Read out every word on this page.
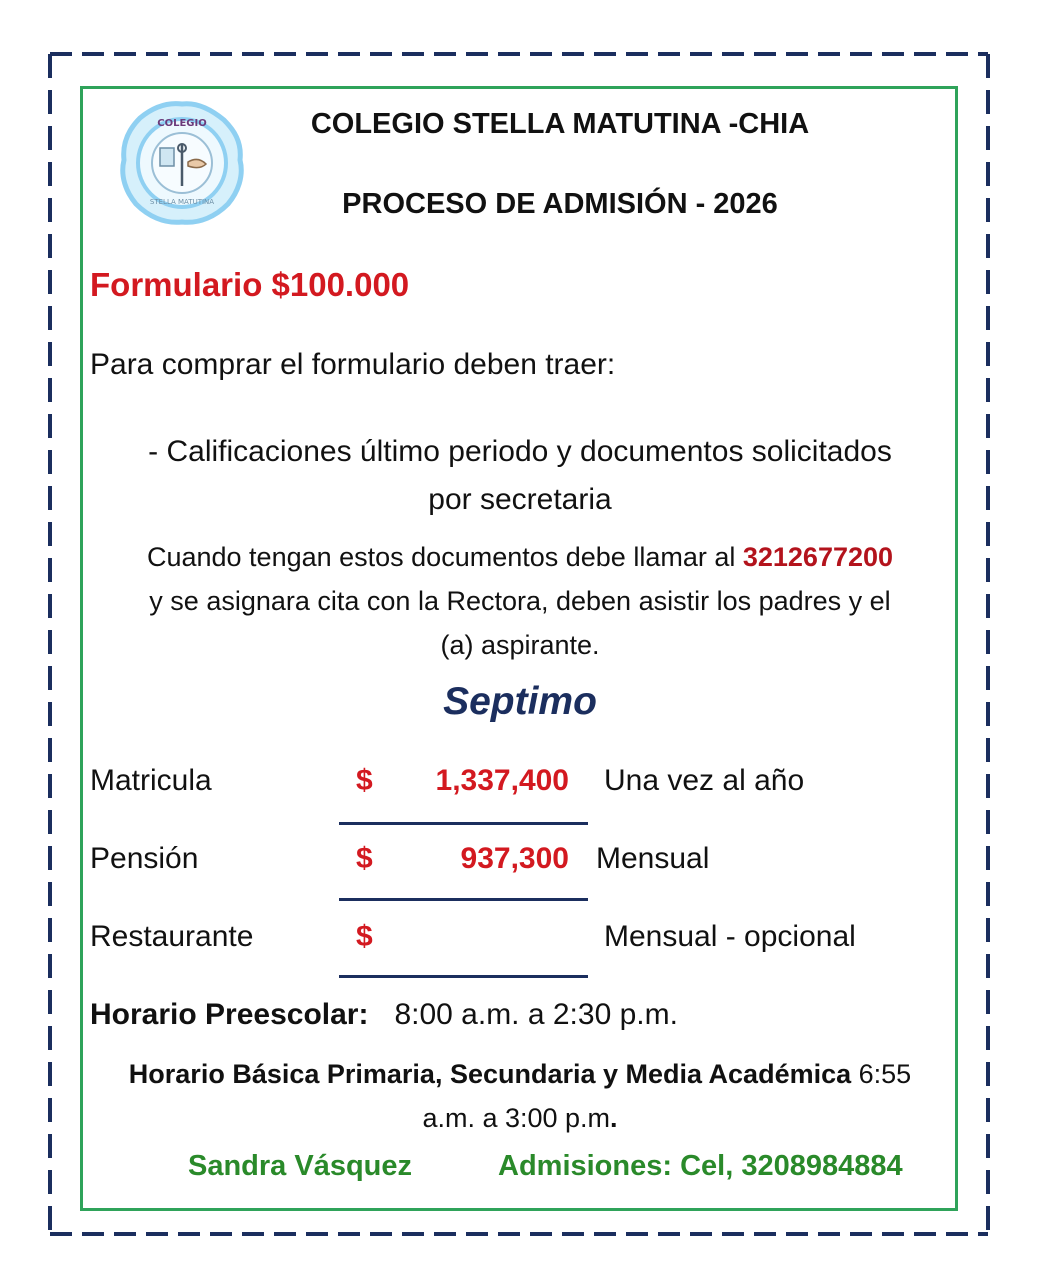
COLEGIO
STELLA MATUTINA
COLEGIO STELLA MATUTINA -CHIA
PROCESO DE ADMISIÓN - 2026
Formulario $100.000
Para comprar el formulario deben traer:
- Calificaciones último periodo y documentos solicitados
por secretaria
Cuando tengan estos documentos debe llamar al 3212677200
y se asignara cita con la Rectora, deben asistir los padres y el
(a) aspirante.
Septimo
Matricula	$ 1,337,400 Una vez al año
Pensión	$	937,300 Mensual
Restaurante	$	Mensual - opcional
Horario Preescolar: 8:00 a.m. a 2:30 p.m.
Horario Básica Primaria, Secundaria y Media Académica 6:55
a.m. a 3:00 p.m.
Sandra Vásquez	Admisiones: Cel, 3208984884
